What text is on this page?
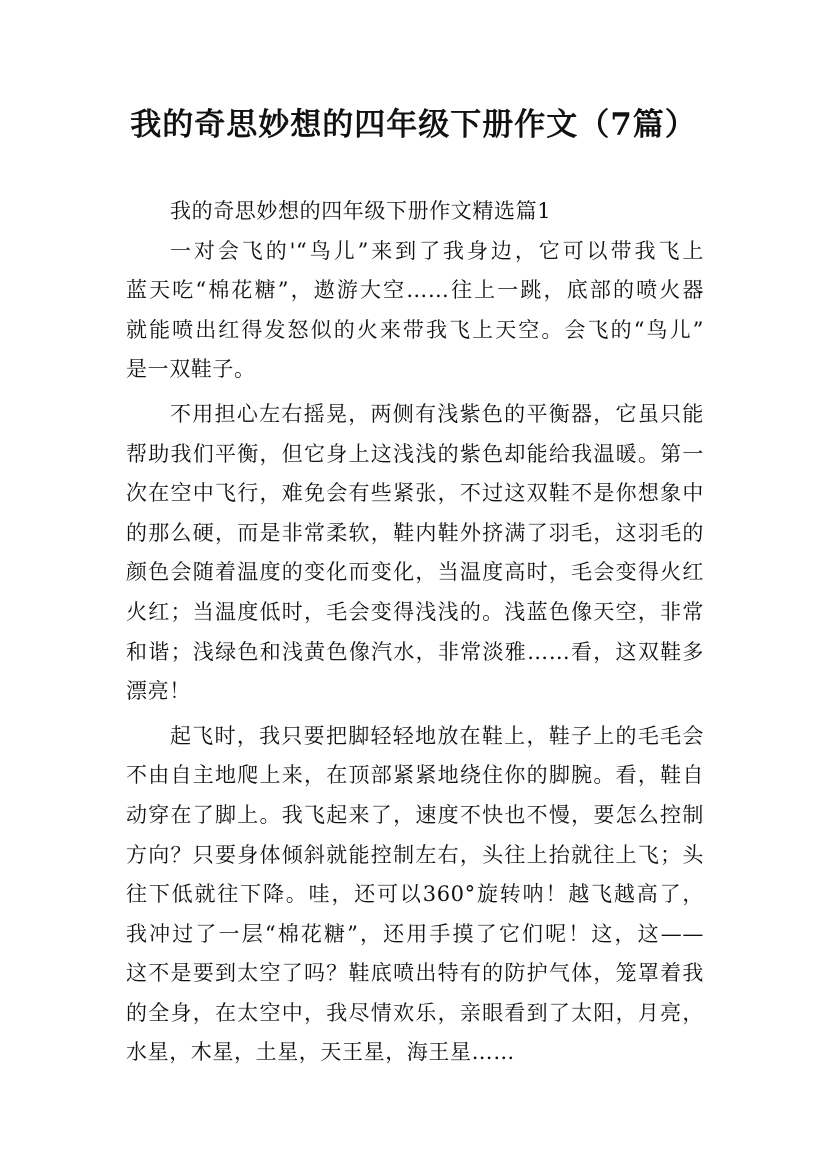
我的奇思妙想的四年级下册作文（7篇）
我的奇思妙想的四年级下册作文精选篇1
一对会飞的'“鸟儿”来到了我身边，它可以带我飞上
蓝天吃“棉花糖”，遨游大空……往上一跳，底部的喷火器
就能喷出红得发怒似的火来带我飞上天空。会飞的“鸟儿”
是一双鞋子。
不用担心左右摇晃，两侧有浅紫色的平衡器，它虽只能
帮助我们平衡，但它身上这浅浅的紫色却能给我温暖。第一
次在空中飞行，难免会有些紧张，不过这双鞋不是你想象中
的那么硬，而是非常柔软，鞋内鞋外挤满了羽毛，这羽毛的
颜色会随着温度的变化而变化，当温度高时，毛会变得火红
火红；当温度低时，毛会变得浅浅的。浅蓝色像天空，非常
和谐；浅绿色和浅黄色像汽水，非常淡雅……看，这双鞋多
漂亮！
起飞时，我只要把脚轻轻地放在鞋上，鞋子上的毛毛会
不由自主地爬上来，在顶部紧紧地绕住你的脚腕。看，鞋自
动穿在了脚上。我飞起来了，速度不快也不慢，要怎么控制
方向？只要身体倾斜就能控制左右，头往上抬就往上飞；头
往下低就往下降。哇，还可以360°旋转呐！越飞越高了，
我冲过了一层“棉花糖”，还用手摸了它们呢！这，这——
这不是要到太空了吗？鞋底喷出特有的防护气体，笼罩着我
的全身，在太空中，我尽情欢乐，亲眼看到了太阳，月亮，
水星，木星，土星，天王星，海王星……
